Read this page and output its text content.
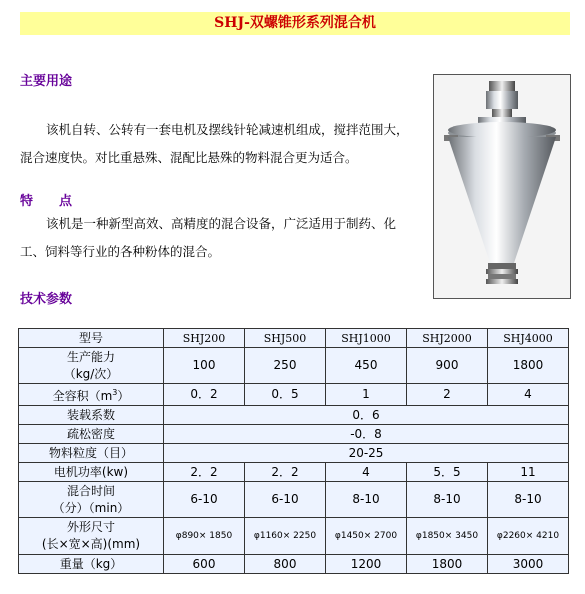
SHJ-双螺锥形系列混合机
主要用途
该机自转、公转有一套电机及摆线针轮减速机组成，搅拌范围大，混合速度快。对比重悬殊、混配比悬殊的物料混合更为适合。
特　　点
该机是一种新型高效、高精度的混合设备，广泛适用于制药、化工、饲料等行业的各种粉体的混合。
技术参数
型号	SHJ200	SHJ500	SHJ1000	SHJ2000	SHJ4000

生产能力
（kg/次）	100	250	450	900	1800
全容积$(m^3)$	0．2	0．5	1	2	4
装载系数	0．6				
疏松密度	-0．8				
物料粒度（目）	20-25				
电机功率(kw)	2．2	2．2	4	5．5	11

混合时间
（分）（min）	6-10	6-10	8-10	8-10	8-10

外形尺寸
(长×宽×高)(mm)	φ890× 1850	φ1160× 2250	φ1450× 2700	φ1850× 3450	φ2260× 4210
重量（kg）	600	800	1200	1800	3000
